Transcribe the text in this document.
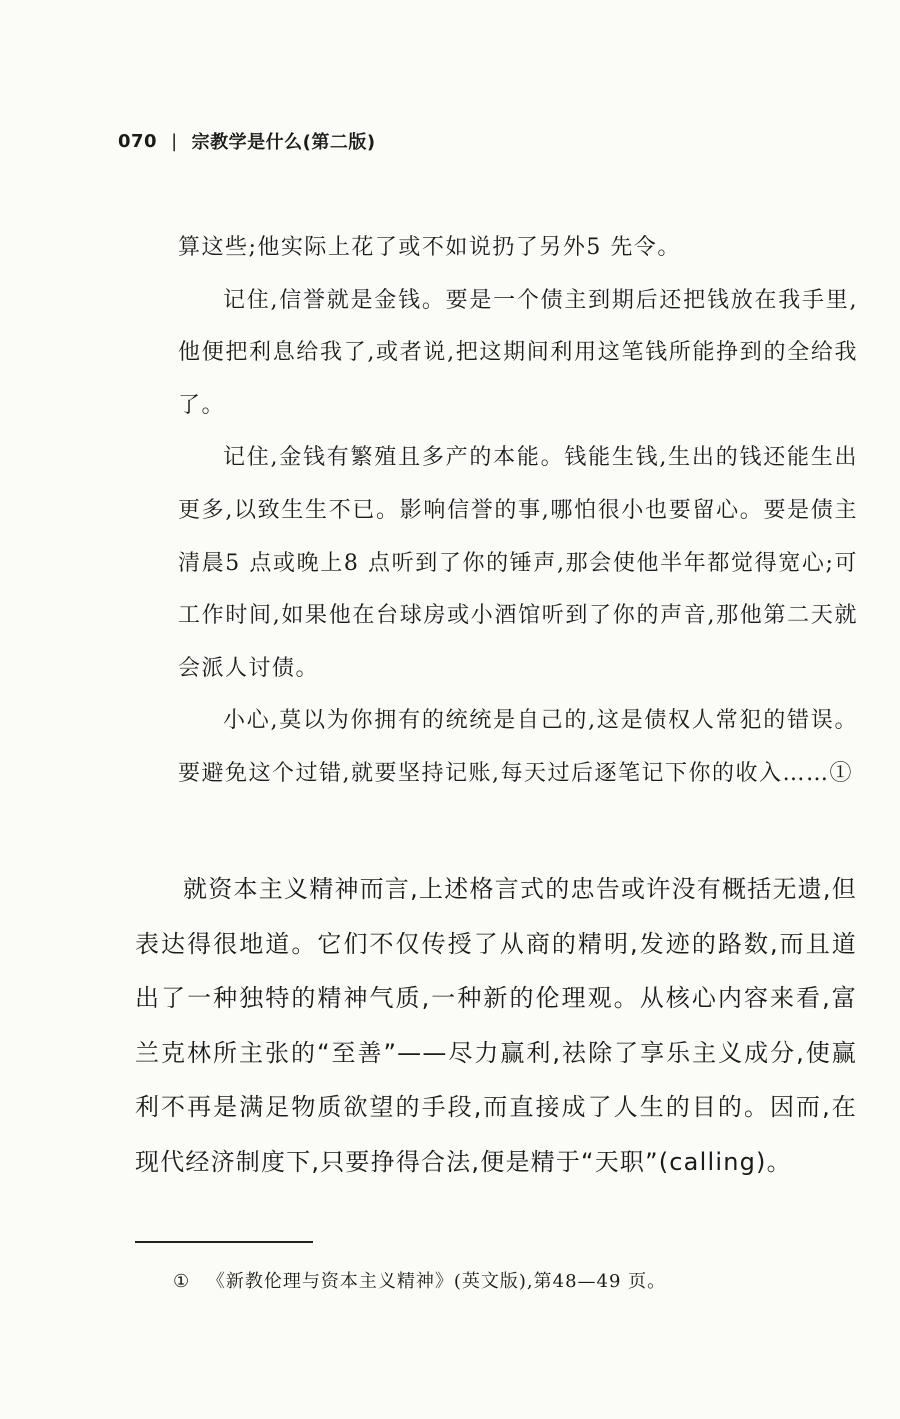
070 | 宗教学是什么(第二版)

算这些;他实际上花了或不如说扔了另外5 先令。

记住,信誉就是金钱。要是一个债主到期后还把钱放在我手里,他便把利息给我了,或者说,把这期间利用这笔钱所能挣到的全给我了。

记住,金钱有繁殖且多产的本能。钱能生钱,生出的钱还能生出更多,以致生生不已。影响信誉的事,哪怕很小也要留心。要是债主清晨5 点或晚上8 点听到了你的锤声,那会使他半年都觉得宽心;可工作时间,如果他在台球房或小酒馆听到了你的声音,那他第二天就会派人讨债。

小心,莫以为你拥有的统统是自己的,这是债权人常犯的错误。要避免这个过错,就要坚持记账,每天过后逐笔记下你的收入……①

就资本主义精神而言,上述格言式的忠告或许没有概括无遗,但表达得很地道。它们不仅传授了从商的精明,发迹的路数,而且道出了一种独特的精神气质,一种新的伦理观。从核心内容来看,富兰克林所主张的“至善”——尽力赢利,祛除了享乐主义成分,使赢利不再是满足物质欲望的手段,而直接成了人生的目的。因而,在现代经济制度下,只要挣得合法,便是精于“天职”(calling)。

① 《新教伦理与资本主义精神》(英文版),第48—49 页。
